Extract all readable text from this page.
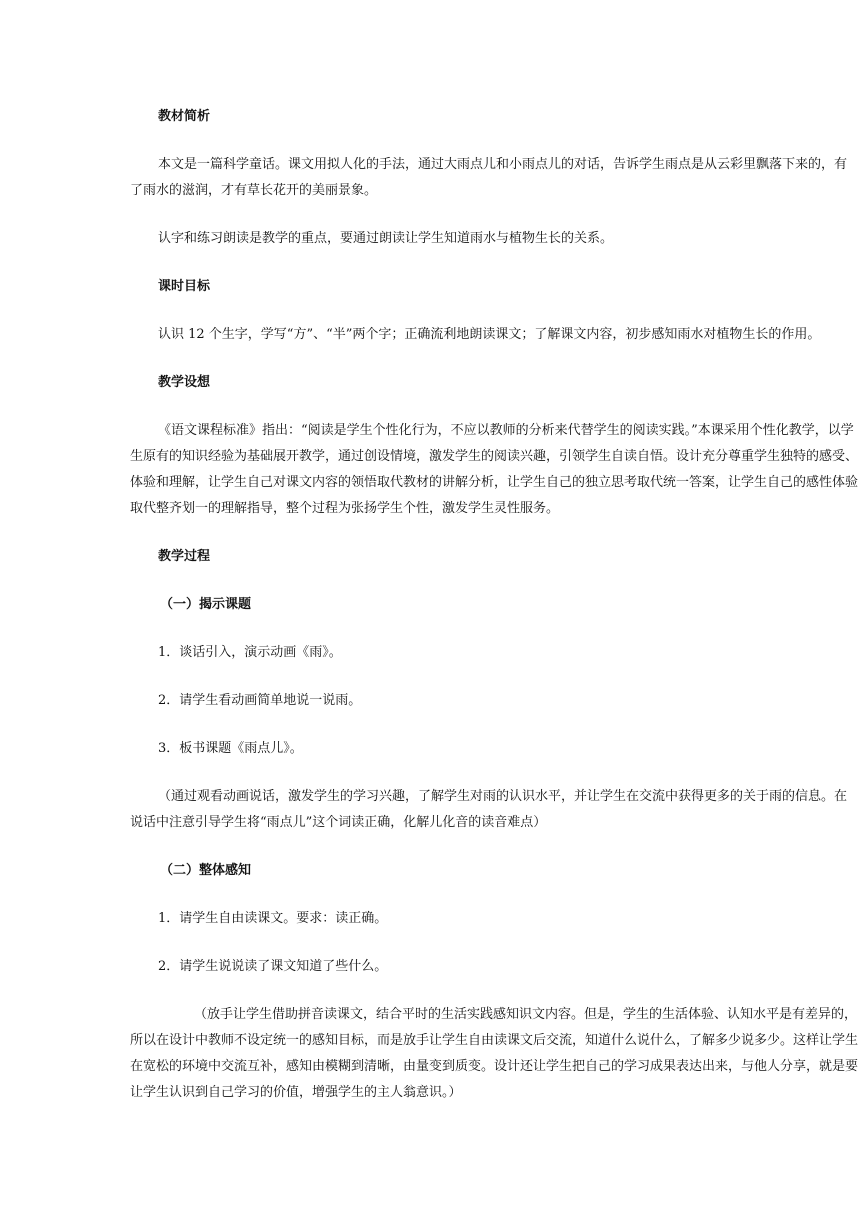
教材简析

本文是一篇科学童话。课文用拟人化的手法，通过大雨点儿和小雨点儿的对话，告诉学生雨点是从云彩里飘落下来的，有了雨水的滋润，才有草长花开的美丽景象。

认字和练习朗读是教学的重点，要通过朗读让学生知道雨水与植物生长的关系。

课时目标

认识 12 个生字，学写“方”、“半”两个字；正确流利地朗读课文；了解课文内容，初步感知雨水对植物生长的作用。

教学设想

《语文课程标准》指出：“阅读是学生个性化行为，不应以教师的分析来代替学生的阅读实践。”本课采用个性化教学，以学生原有的知识经验为基础展开教学，通过创设情境，激发学生的阅读兴趣，引领学生自读自悟。设计充分尊重学生独特的感受、体验和理解，让学生自己对课文内容的领悟取代教材的讲解分析，让学生自己的独立思考取代统一答案，让学生自己的感性体验取代整齐划一的理解指导，整个过程为张扬学生个性，激发学生灵性服务。

教学过程

（一）揭示课题

1．谈话引入，演示动画《雨》。

2．请学生看动画简单地说一说雨。

3．板书课题《雨点儿》。

（通过观看动画说话，激发学生的学习兴趣，了解学生对雨的认识水平，并让学生在交流中获得更多的关于雨的信息。在说话中注意引导学生将“雨点儿”这个词读正确，化解儿化音的读音难点）

（二）整体感知

1．请学生自由读课文。要求：读正确。

2．请学生说说读了课文知道了些什么。

（放手让学生借助拼音读课文，结合平时的生活实践感知识文内容。但是，学生的生活体验、认知水平是有差异的，所以在设计中教师不设定统一的感知目标，而是放手让学生自由读课文后交流，知道什么说什么，了解多少说多少。这样让学生在宽松的环境中交流互补，感知由模糊到清晰，由量变到质变。设计还让学生把自己的学习成果表达出来，与他人分享，就是要让学生认识到自己学习的价值，增强学生的主人翁意识。）
